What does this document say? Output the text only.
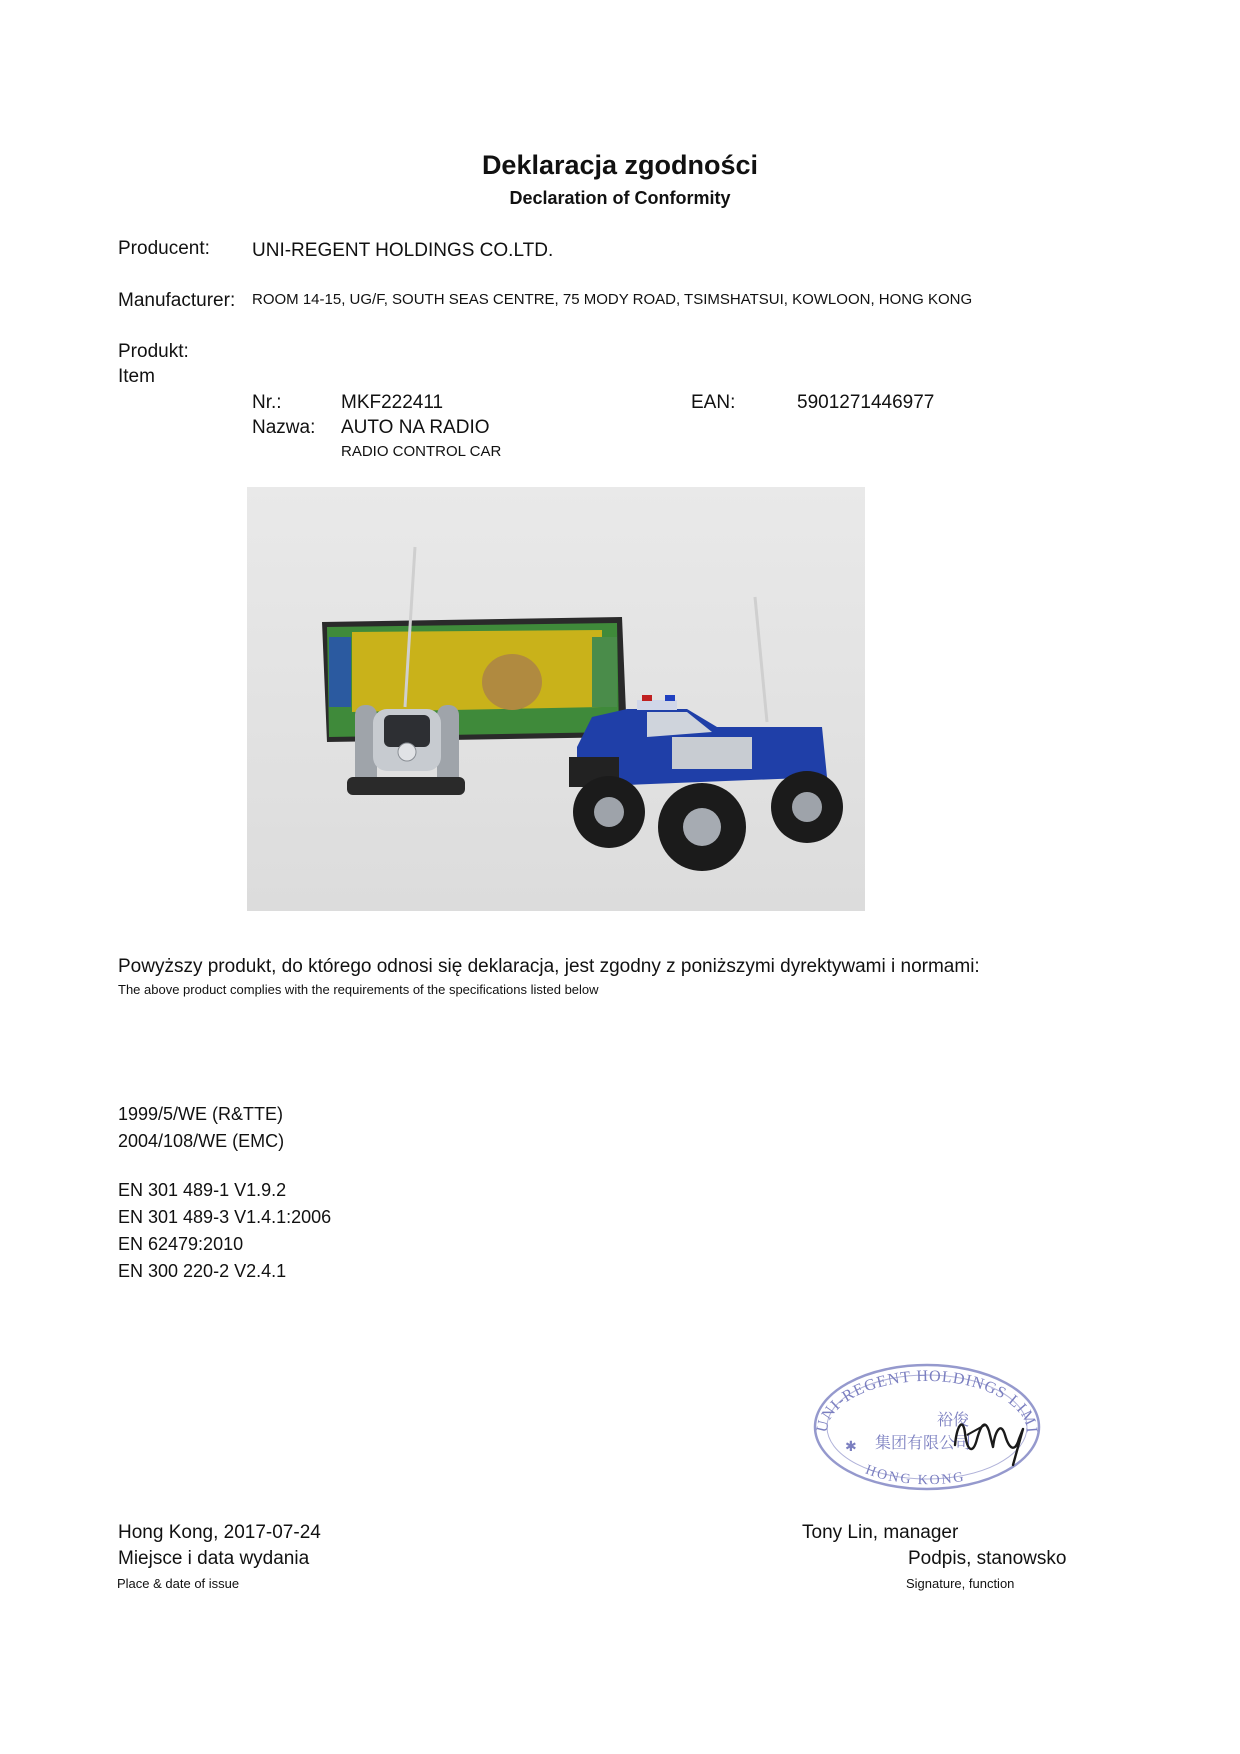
Deklaracja zgodności
Declaration of Conformity
Producent: UNI-REGENT HOLDINGS CO.LTD.
Manufacturer: ROOM 14-15, UG/F, SOUTH SEAS CENTRE, 75 MODY ROAD, TSIMSHATSUI, KOWLOON, HONG KONG
Produkt:
Item
Nr.:	MKF222411	EAN:	5901271446977
Nazwa: AUTO NA RADIO
RADIO CONTROL CAR
Powyższy produkt, do którego odnosi się deklaracja, jest zgodny z poniższymi dyrektywami i normami:
The above product complies with the requirements of the specifications listed below
1999/5/WE (R&TTE)
2004/108/WE (EMC)
EN 301 489-1 V1.9.2
EN 301 489-3 V1.4.1:2006
EN 62479:2010
EN 300 220-2 V2.4.1
UNI-REGENT HOLDINGS LIMI
HONG KONG
裕俊
集团有限公司
✱
Hong Kong, 2017-07-24
Miejsce i data wydania
Place & date of issue
Tony Lin, manager
Podpis, stanowsko
Signature, function
